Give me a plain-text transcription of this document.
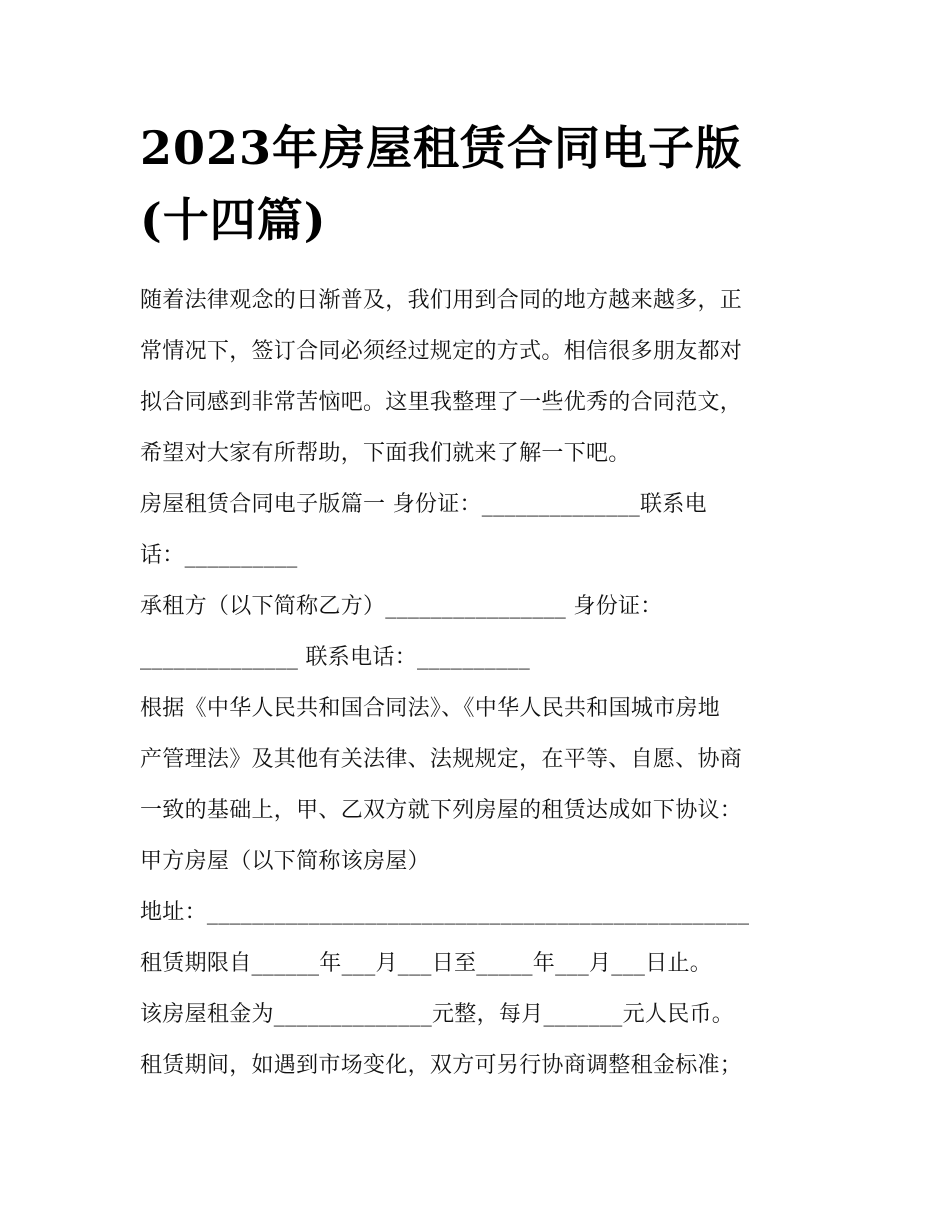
2023年房屋租赁合同电子版
(十四篇)

随着法律观念的日渐普及，我们用到合同的地方越来越多，正
常情况下，签订合同必须经过规定的方式。相信很多朋友都对
拟合同感到非常苦恼吧。这里我整理了一些优秀的合同范文，
希望对大家有所帮助，下面我们就来了解一下吧。

房屋租赁合同电子版篇一 身份证：______________联系电
话：__________

承租方（以下简称乙方）________________ 身份证：
______________ 联系电话：__________

根据《中华人民共和国合同法》、《中华人民共和国城市房地
产管理法》及其他有关法律、法规规定，在平等、自愿、协商
一致的基础上，甲、乙双方就下列房屋的租赁达成如下协议：

甲方房屋（以下简称该房屋）

地址：________________________________________________

租赁期限自______年___月___日至_____年___月___日止。

该房屋租金为______________元整，每月_______元人民币。

租赁期间，如遇到市场变化，双方可另行协商调整租金标准；
